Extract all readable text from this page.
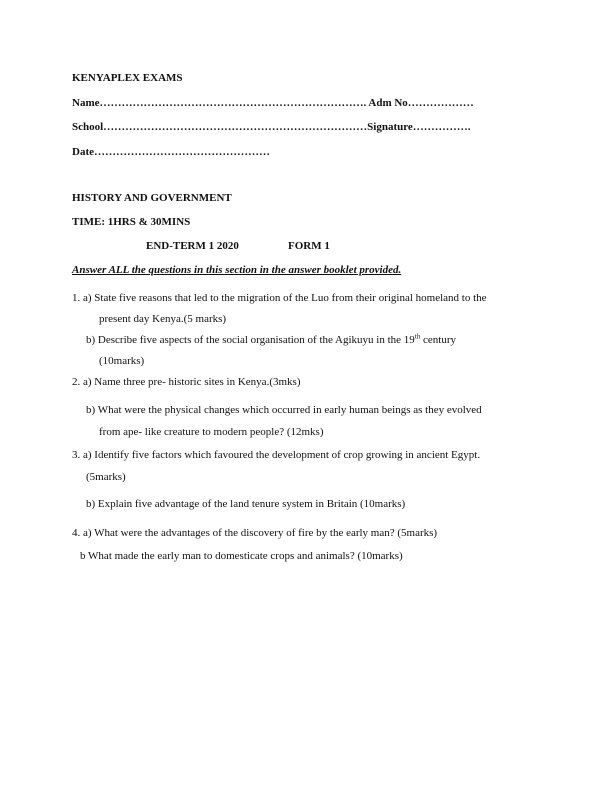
KENYAPLEX EXAMS
Name………………………………………………………………. Adm No………………
School………………………………………………………………Signature…………….
Date…………………………………………
HISTORY AND GOVERNMENT
TIME: 1HRS & 30MINS
END-TERM 1 2020	FORM 1
Answer ALL the questions in this section in the answer booklet provided.
1. a) State five reasons that led to the migration of the Luo from their original homeland to the
present day Kenya.(5 marks)
b) Describe five aspects of the social organisation of the Agikuyu in the 19th century
(10marks)
2. a) Name three pre- historic sites in Kenya.(3mks)
b) What were the physical changes which occurred in early human beings as they evolved
from ape- like creature to modern people? (12mks)
3. a) Identify five factors which favoured the development of crop growing in ancient Egypt.
(5marks)
b) Explain five advantage of the land tenure system in Britain (10marks)
4. a) What were the advantages of the discovery of fire by the early man? (5marks)
b What made the early man to domesticate crops and animals? (10marks)
